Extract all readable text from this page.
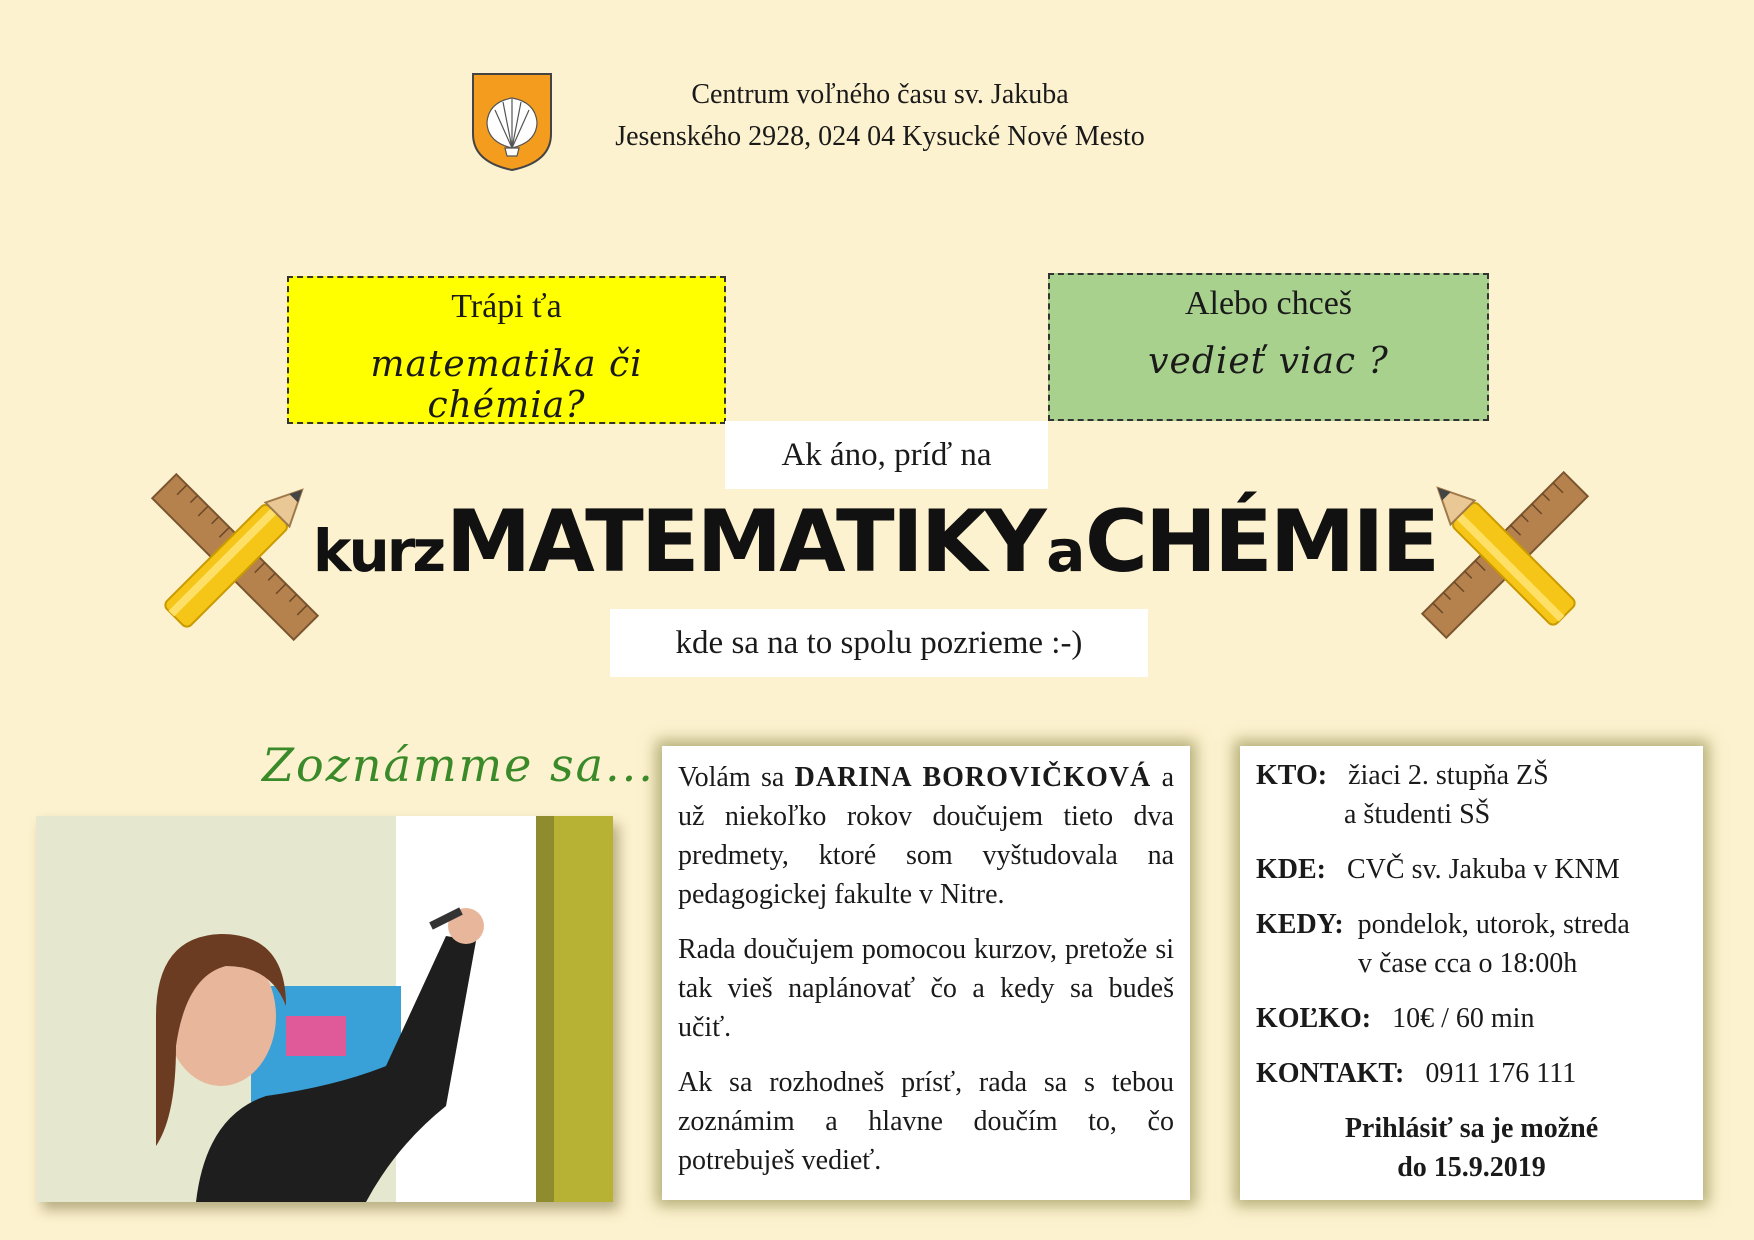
Centrum voľného času sv. Jakuba
Jesenského 2928, 024 04 Kysucké Nové Mesto
Trápi ťa
matematika či chémia?
Alebo chceš
vedieť viac ?
Ak áno, príď na
kurz MATEMATIKY a CHÉMIE
kde sa na to spolu pozrieme :-)
Zoznámme sa... Volám sa DARINA BOROVIČKOVÁ a už niekoľko rokov doučujem tieto dva predmety, ktoré som vyštudovala na pedagogickej fakulte v Nitre.

Rada doučujem pomocou kurzov, pretože si tak vieš naplánovať čo a kedy sa budeš učiť.

Ak sa rozhodneš prísť, rada sa s tebou zoznámim a hlavne doučím to, čo potrebuješ vedieť.

KTO: žiaci 2. stupňa ZŠ
a študenti SŠ
KDE: CVČ sv. Jakuba v KNM
KEDY: pondelok, utorok, streda
v čase cca o 18:00h
KOĽKO: 10€ / 60 min
KONTAKT: 0911 176 111
Prihlásiť sa je možné
do 15.9.2019
